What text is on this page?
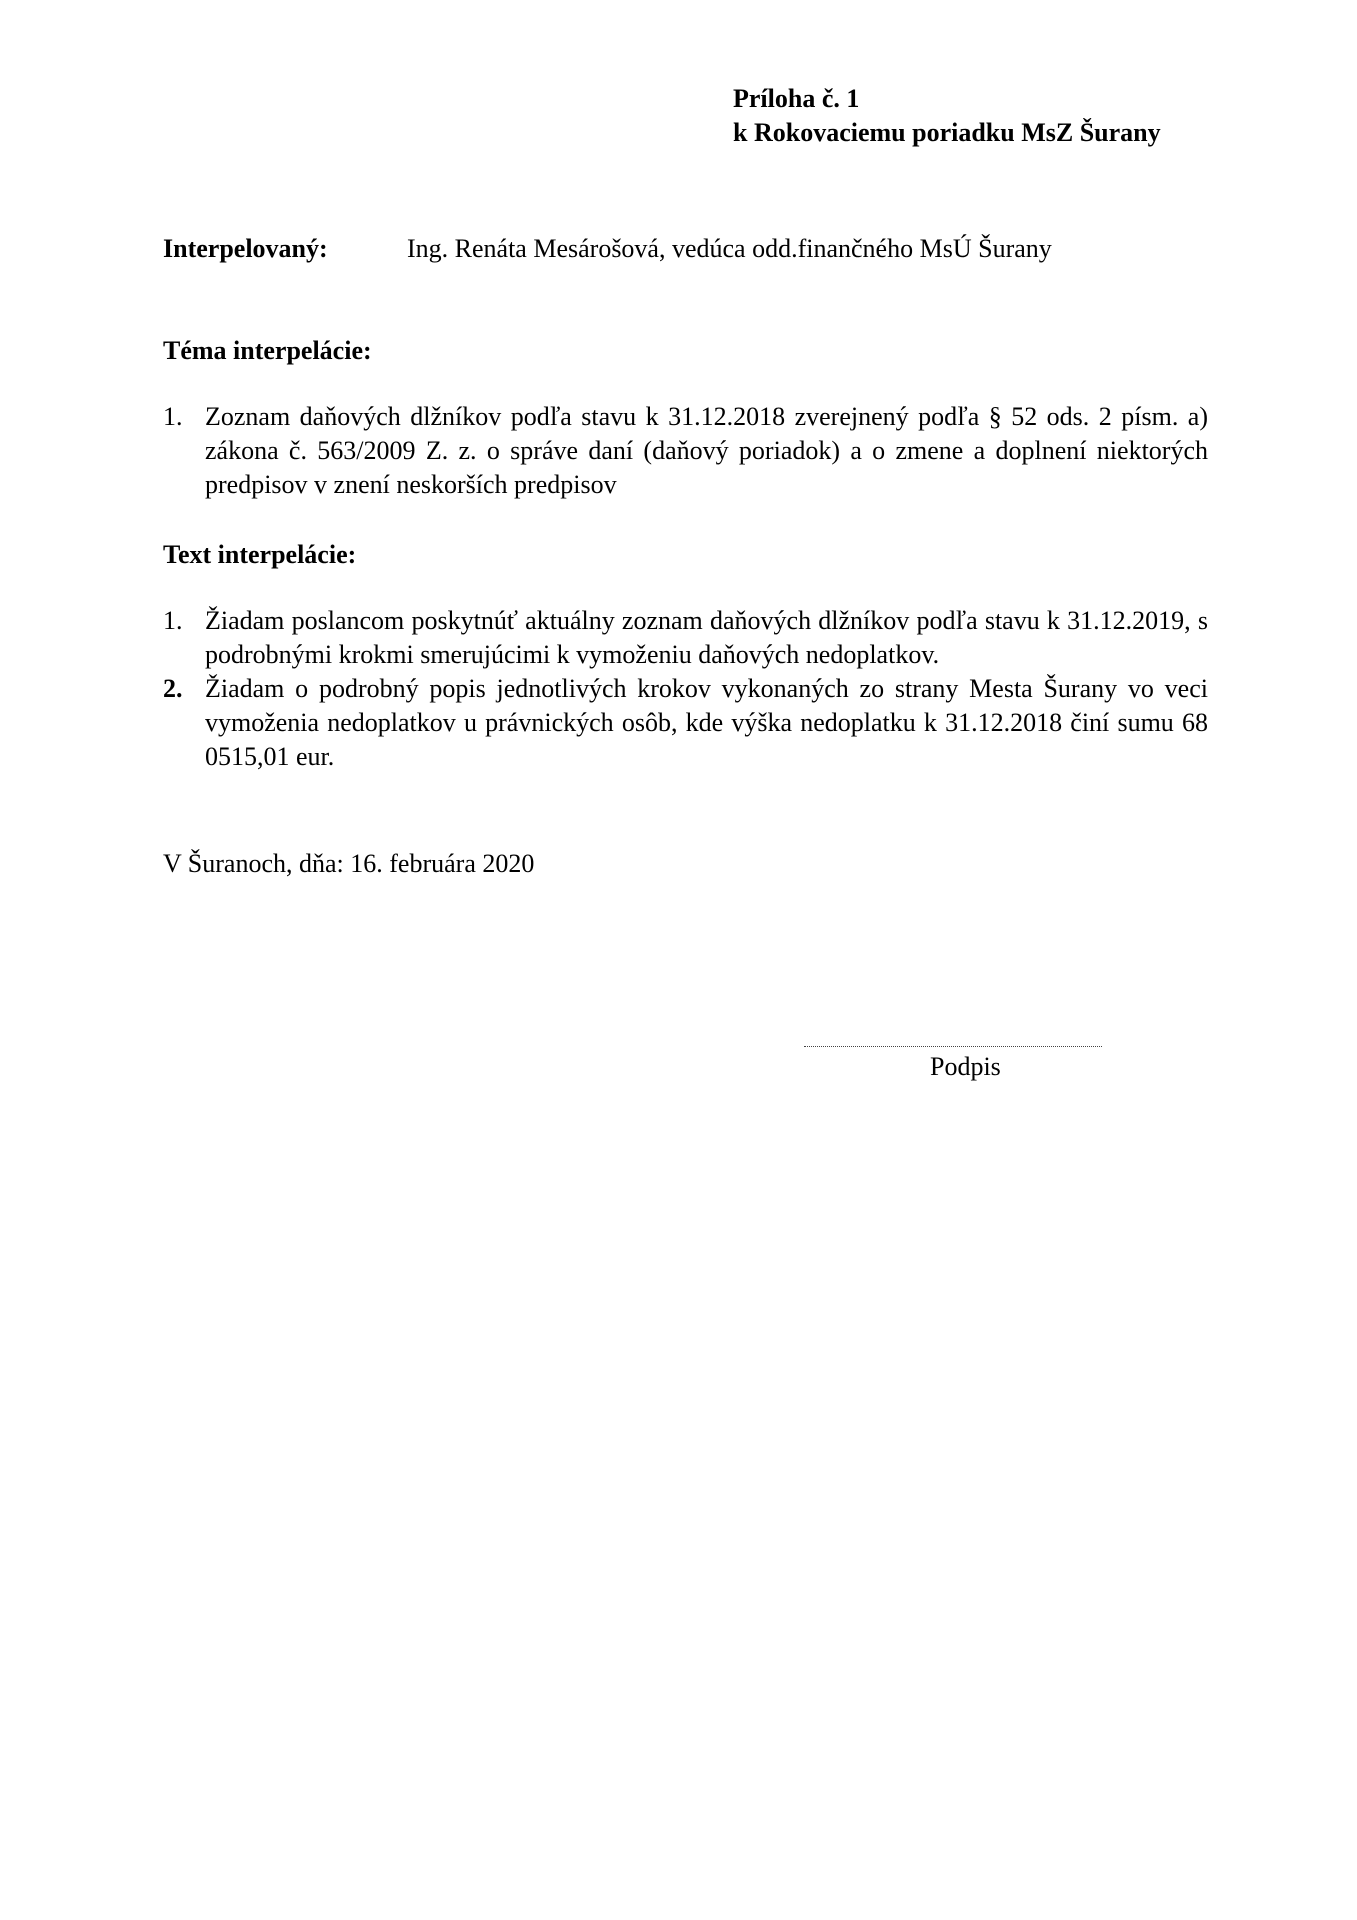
Príloha č. 1
k Rokovaciemu poriadku MsZ Šurany
Interpelovaný:	Ing. Renáta Mesárošová, vedúca odd.finančného MsÚ Šurany
Téma interpelácie:
1. Zoznam daňových dlžníkov podľa stavu k 31.12.2018 zverejnený podľa § 52 ods. 2 písm. a) zákona č. 563/2009 Z. z. o správe daní (daňový poriadok) a o zmene a doplnení niektorých predpisov v znení neskorších predpisov
Text interpelácie:
1. Žiadam poslancom poskytnúť aktuálny zoznam daňových dlžníkov podľa stavu k 31.12.2019, s podrobnými krokmi smerujúcimi k vymoženiu daňových nedoplatkov.
2. Žiadam o podrobný popis jednotlivých krokov vykonaných zo strany Mesta Šurany vo veci vymoženia nedoplatkov u právnických osôb, kde výška nedoplatku k 31.12.2018 činí sumu 68 0515,01 eur.
V Šuranoch, dňa: 16. februára 2020
Podpis
